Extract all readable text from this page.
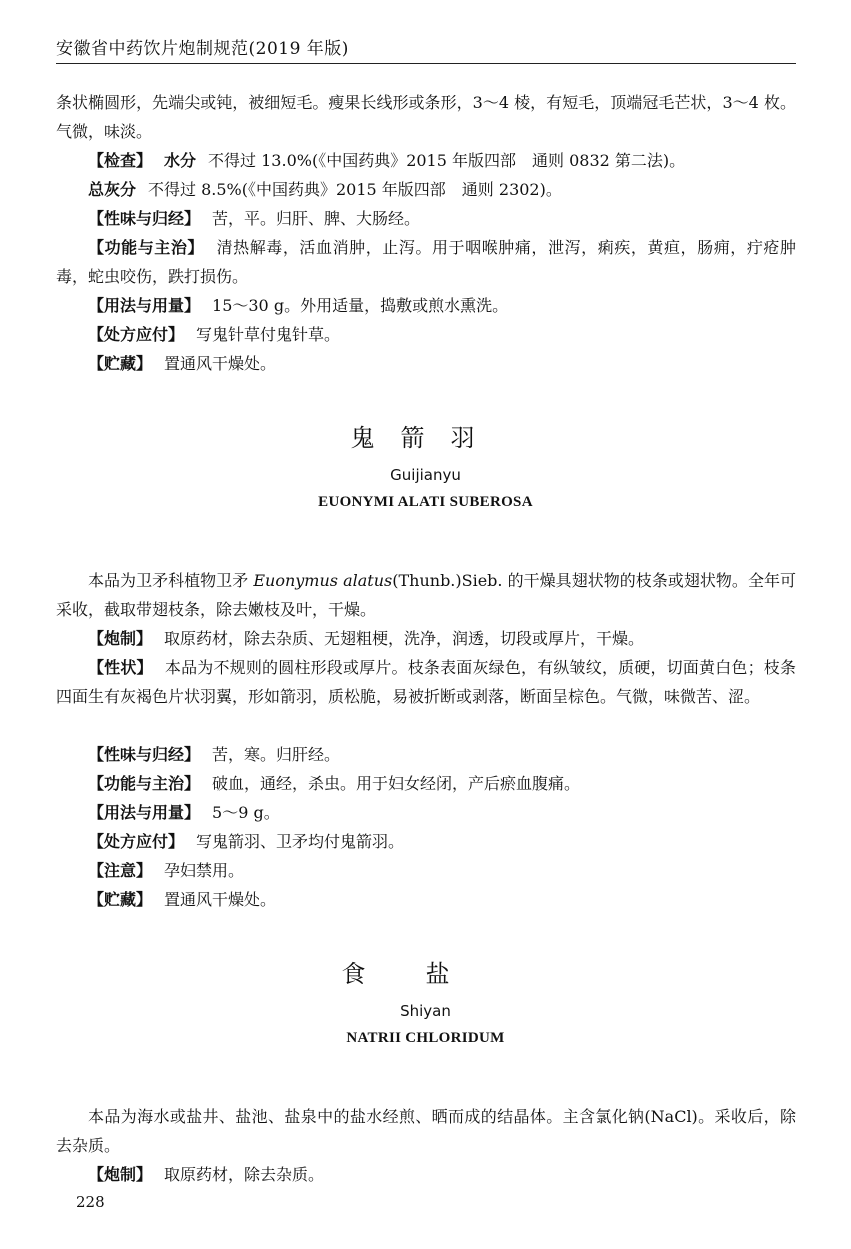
安徽省中药饮片炮制规范(2019 年版)
条状椭圆形，先端尖或钝，被细短毛。瘦果长线形或条形，3～4 棱，有短毛，顶端冠毛芒状，3～4 枚。气微，味淡。
【检查】 水分 不得过 13.0%(《中国药典》2015 年版四部　通则 0832 第二法)。
总灰分 不得过 8.5%(《中国药典》2015 年版四部　通则 2302)。
【性味与归经】 苦，平。归肝、脾、大肠经。
【功能与主治】 清热解毒，活血消肿，止泻。用于咽喉肿痛，泄泻，痢疾，黄疸，肠痈，疔疮肿毒，蛇虫咬伤，跌打损伤。
【用法与用量】 15～30 g。外用适量，捣敷或煎水熏洗。
【处方应付】 写鬼针草付鬼针草。
【贮藏】 置通风干燥处。
鬼箭羽
Guijianyu
EUONYMI ALATI SUBEROSA
本品为卫矛科植物卫矛 Euonymus alatus(Thunb.)Sieb. 的干燥具翅状物的枝条或翅状物。全年可采收，截取带翅枝条，除去嫩枝及叶，干燥。
【炮制】 取原药材，除去杂质、无翅粗梗，洗净，润透，切段或厚片，干燥。
【性状】 本品为不规则的圆柱形段或厚片。枝条表面灰绿色，有纵皱纹，质硬，切面黄白色；枝条四面生有灰褐色片状羽翼，形如箭羽，质松脆，易被折断或剥落，断面呈棕色。气微，味微苦、涩。
【性味与归经】 苦，寒。归肝经。
【功能与主治】 破血，通经，杀虫。用于妇女经闭，产后瘀血腹痛。
【用法与用量】 5～9 g。
【处方应付】 写鬼箭羽、卫矛均付鬼箭羽。
【注意】 孕妇禁用。
【贮藏】 置通风干燥处。
食盐
Shiyan
NATRII CHLORIDUM
本品为海水或盐井、盐池、盐泉中的盐水经煎、晒而成的结晶体。主含氯化钠(NaCl)。采收后，除去杂质。
【炮制】 取原药材，除去杂质。
228
